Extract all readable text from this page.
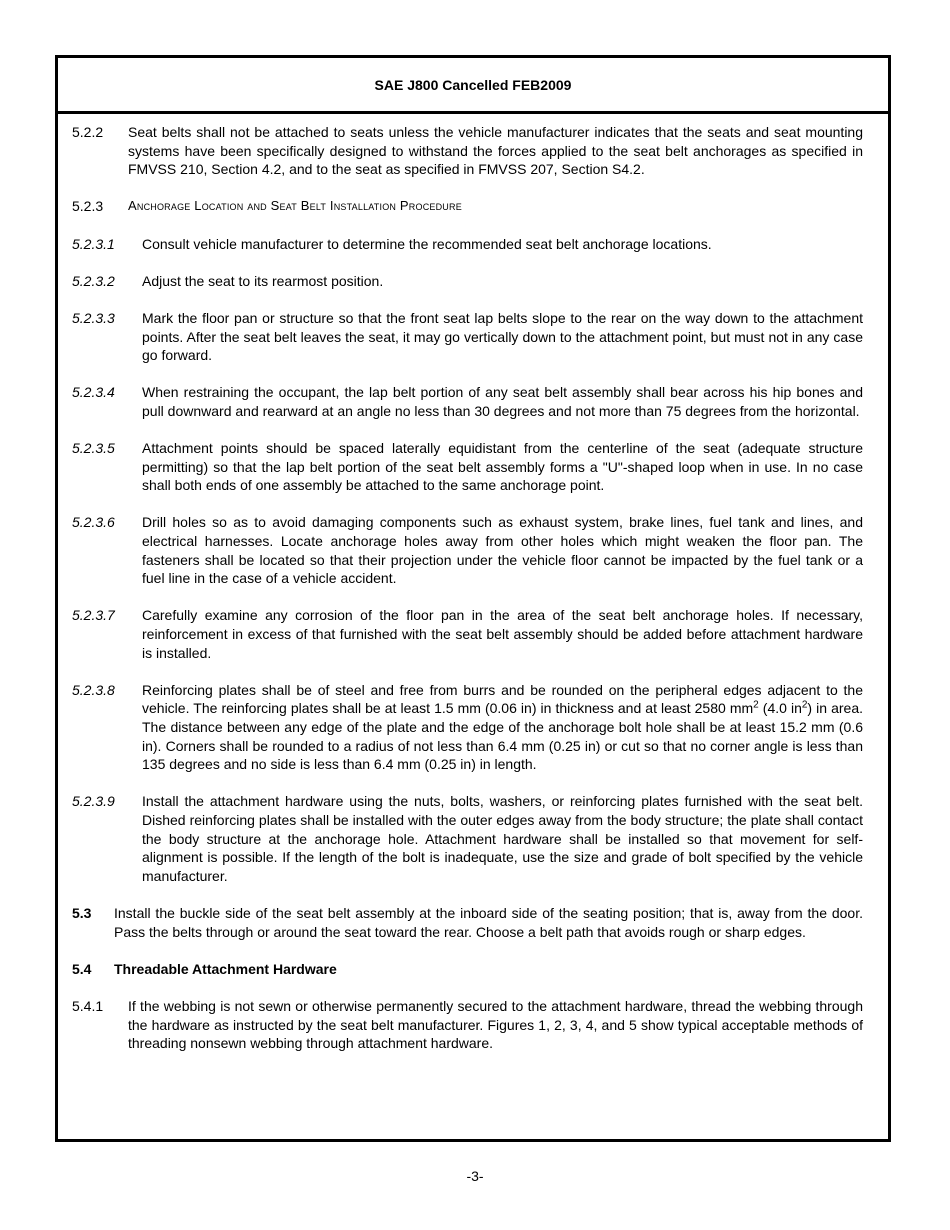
SAE J800 Cancelled FEB2009
5.2.2	Seat belts shall not be attached to seats unless the vehicle manufacturer indicates that the seats and seat mounting systems have been specifically designed to withstand the forces applied to the seat belt anchorages as specified in FMVSS 210, Section 4.2, and to the seat as specified in FMVSS 207, Section S4.2.
5.2.3	Anchorage Location and Seat Belt Installation Procedure
5.2.3.1	Consult vehicle manufacturer to determine the recommended seat belt anchorage locations.
5.2.3.2	Adjust the seat to its rearmost position.
5.2.3.3	Mark the floor pan or structure so that the front seat lap belts slope to the rear on the way down to the attachment points. After the seat belt leaves the seat, it may go vertically down to the attachment point, but must not in any case go forward.
5.2.3.4	When restraining the occupant, the lap belt portion of any seat belt assembly shall bear across his hip bones and pull downward and rearward at an angle no less than 30 degrees and not more than 75 degrees from the horizontal.
5.2.3.5	Attachment points should be spaced laterally equidistant from the centerline of the seat (adequate structure permitting) so that the lap belt portion of the seat belt assembly forms a "U"-shaped loop when in use. In no case shall both ends of one assembly be attached to the same anchorage point.
5.2.3.6	Drill holes so as to avoid damaging components such as exhaust system, brake lines, fuel tank and lines, and electrical harnesses. Locate anchorage holes away from other holes which might weaken the floor pan. The fasteners shall be located so that their projection under the vehicle floor cannot be impacted by the fuel tank or a fuel line in the case of a vehicle accident.
5.2.3.7	Carefully examine any corrosion of the floor pan in the area of the seat belt anchorage holes. If necessary, reinforcement in excess of that furnished with the seat belt assembly should be added before attachment hardware is installed.
5.2.3.8	Reinforcing plates shall be of steel and free from burrs and be rounded on the peripheral edges adjacent to the vehicle. The reinforcing plates shall be at least 1.5 mm (0.06 in) in thickness and at least 2580 $mm^2$ (4.0 $in^2$) in area. The distance between any edge of the plate and the edge of the anchorage bolt hole shall be at least 15.2 mm (0.6 in). Corners shall be rounded to a radius of not less than 6.4 mm (0.25 in) or cut so that no corner angle is less than 135 degrees and no side is less than 6.4 mm (0.25 in) in length.
5.2.3.9	Install the attachment hardware using the nuts, bolts, washers, or reinforcing plates furnished with the seat belt. Dished reinforcing plates shall be installed with the outer edges away from the body structure; the plate shall contact the body structure at the anchorage hole. Attachment hardware shall be installed so that movement for self-alignment is possible. If the length of the bolt is inadequate, use the size and grade of bolt specified by the vehicle manufacturer.
5.3	Install the buckle side of the seat belt assembly at the inboard side of the seating position; that is, away from the door. Pass the belts through or around the seat toward the rear. Choose a belt path that avoids rough or sharp edges.
5.4	Threadable Attachment Hardware
5.4.1	If the webbing is not sewn or otherwise permanently secured to the attachment hardware, thread the webbing through the hardware as instructed by the seat belt manufacturer. Figures 1, 2, 3, 4, and 5 show typical acceptable methods of threading nonsewn webbing through attachment hardware.
-3-
